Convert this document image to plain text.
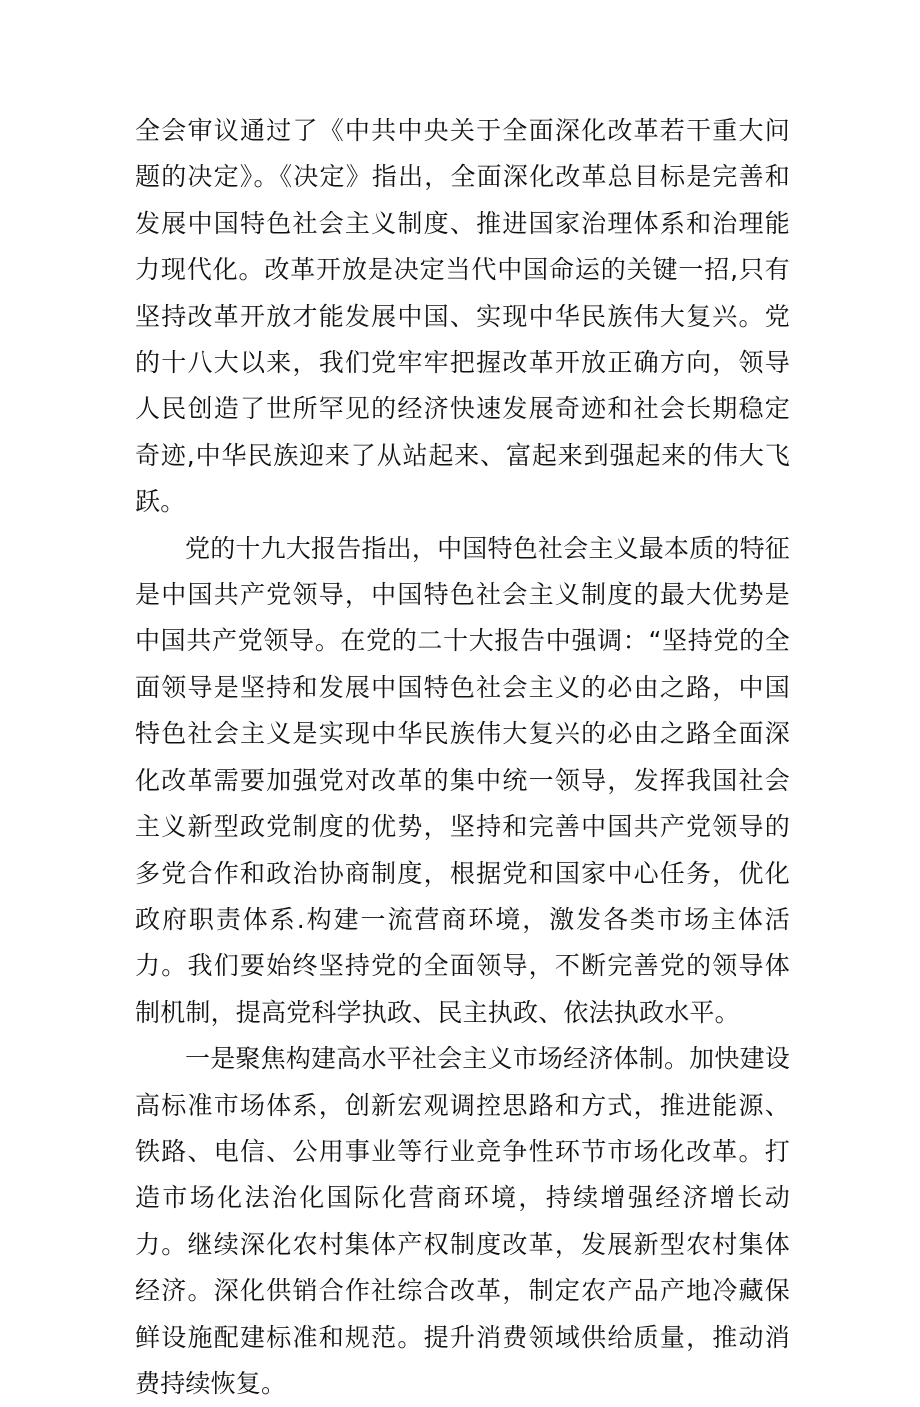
全会审议通过了《中共中央关于全面深化改革若干重大问题的决定》。《决定》指出，全面深化改革总目标是完善和发展中国特色社会主义制度、推进国家治理体系和治理能力现代化。改革开放是决定当代中国命运的关键一招,只有坚持改革开放才能发展中国、实现中华民族伟大复兴。党的十八大以来，我们党牢牢把握改革开放正确方向，领导人民创造了世所罕见的经济快速发展奇迹和社会长期稳定奇迹,中华民族迎来了从站起来、富起来到强起来的伟大飞跃。

党的十九大报告指出，中国特色社会主义最本质的特征是中国共产党领导，中国特色社会主义制度的最大优势是中国共产党领导。在党的二十大报告中强调：“坚持党的全面领导是坚持和发展中国特色社会主义的必由之路，中国特色社会主义是实现中华民族伟大复兴的必由之路全面深化改革需要加强党对改革的集中统一领导，发挥我国社会主义新型政党制度的优势，坚持和完善中国共产党领导的多党合作和政治协商制度，根据党和国家中心任务，优化政府职责体系.构建一流营商环境，激发各类市场主体活力。我们要始终坚持党的全面领导，不断完善党的领导体制机制，提高党科学执政、民主执政、依法执政水平。

一是聚焦构建高水平社会主义市场经济体制。加快建设高标准市场体系，创新宏观调控思路和方式，推进能源、铁路、电信、公用事业等行业竞争性环节市场化改革。打造市场化法治化国际化营商环境，持续增强经济增长动力。继续深化农村集体产权制度改革，发展新型农村集体经济。深化供销合作社综合改革，制定农产品产地冷藏保鲜设施配建标准和规范。提升消费领域供给质量，推动消费持续恢复。
